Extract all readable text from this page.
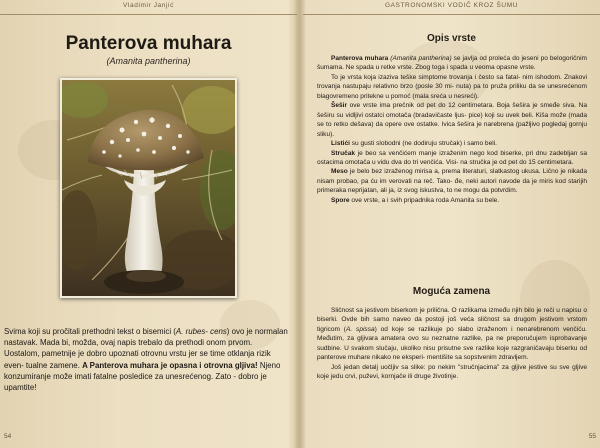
Vladimir Janjić
Panterova muhara
(Amanita pantherina)

Svima koji su pročitali prethodni tekst o bisemici (A. rubes- cens) ovo je normalan nastavak. Mada bi, možda, ovaj napis trebalo da prethodi onom prvom. Uostalom, pametnije je dobro upoznati otrovnu vrstu jer se time otklanja rizik even- tualne zamene. A Panterova muhara je opasna i otrovna gljiva! Njeno konzumiranje može imati fatalne posledice za unesrećenog. Zato - dobro je upamtite!

54
GASTRONOMSKI VODIČ KROZ ŠUMU
Opis vrste

Panterova muhara (Amanita pantherina) se javlja od proleća do jeseni po belogoričnim šumama. Ne spada u retke vrste. Zbog toga i spada u veoma opasne vrste.

To je vrsta koja izaziva teške simptome trovanja i često sa fatal- nim ishodom. Znakovi trovanja nastupaju relativno brzo (posle 30 mi- nuta) pa to pruža priliku da se unesrećenom blagovremeno pritekne u pomoć (mala sreća u nesreći).

Šešir ove vrste ima prečnik od pet do 12 centimetara. Boja šešira je smeđe siva. Na šeširu su vidljivi ostatci omotača (bradavičaste ljus- pice) koji su uvek beli. Kiša može (mada se to retko dešava) da opere ove ostatke. Ivica šešira je narebrena (pažljivo pogledaj gornju sliku).

Listići su gusti slobodni (ne dodiruju stručak) i samo beli.

Stručak je beo sa venčićem manje izraženim nego kod biserke, pri dnu zadebljan sa ostacima omotača u vidu dva do tri venčića. Visi- na stručka je od pet do 15 centimetara.

Meso je belo bez izraženog mirisa a, prema literaturi, slatkastog ukusa. Lično je nikada nisam probao, pa ću im verovati na reč. Tako- đe, neki autori navode da je miris kod starijih primeraka neprijatan, ali ja, iz svog iskustva, to ne mogu da potvrdim.

Spore ove vrste, a i svih pripadnika roda Amanita su bele.

Moguća zamena

Sličnost sa jestivom biserkom je prilična. O razlikama između njih bilo je reči u napisu o biserki. Ovde bih samo naveo da postoji još veća sličnost sa drugom jestivom vrstom tigricom (A. spissa) od koje se razlikuje po slabo izraženom i nenarebrenom venčiću. Međutim, za gljivara amatera ovo su neznatne razlike, pa ne preporučujem isprobavanje sudbine. U svakom slučaju, ukoliko nisu prisutne sve razlike koje razgraničavaju biserku od panterove muhare nikako ne eksperi- mentišite sa sopstvenim zdravljem.

Još jedan detalj uočljiv sa slike: po nekim "stručnjacima" za gljive jestive su sve gljive koje jedu crvi, puževi, kornjače ili druge životinje.

55
